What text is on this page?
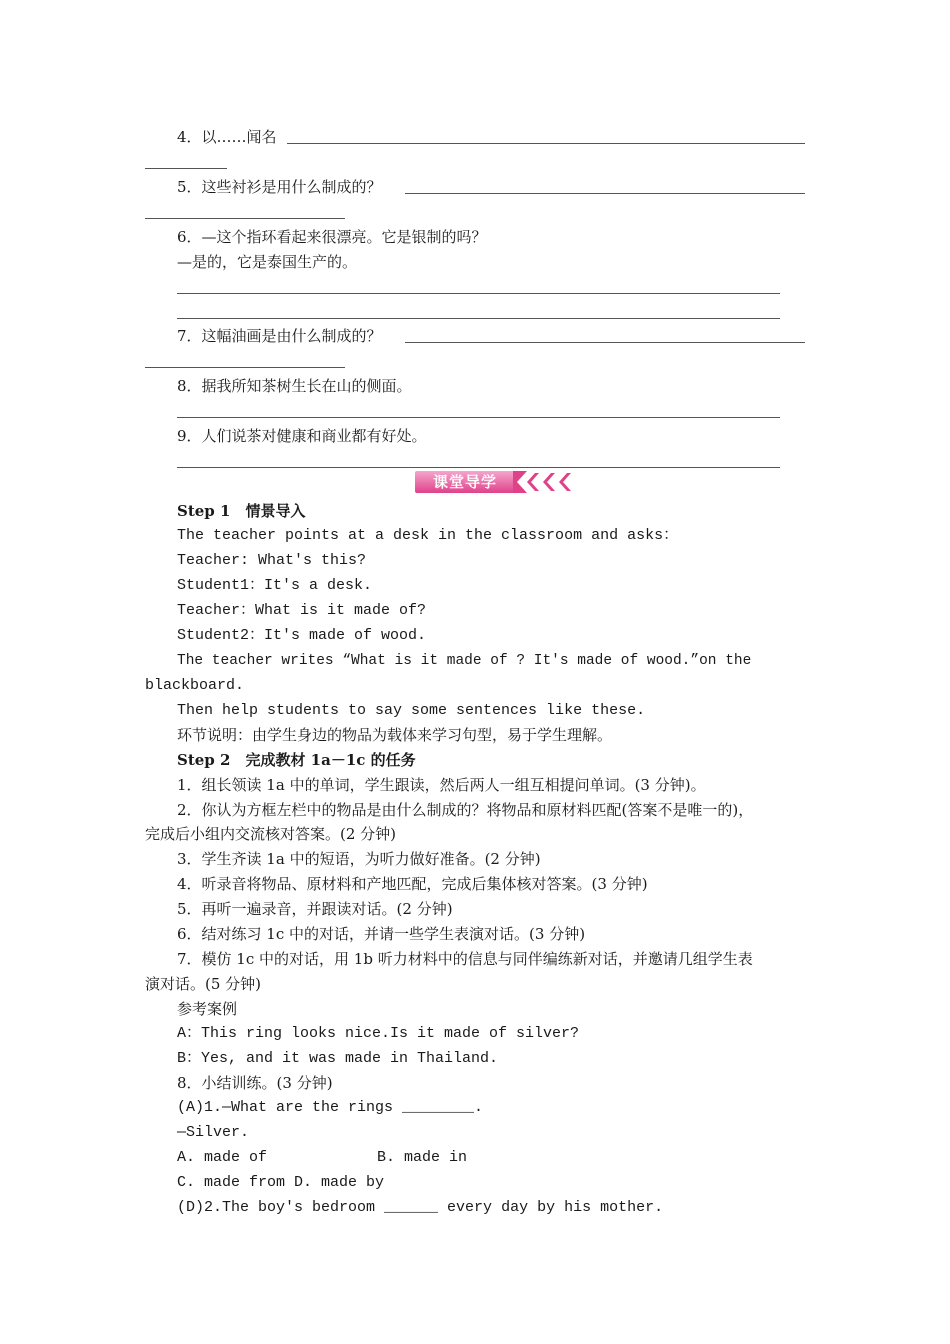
4．以……闻名
5．这些衬衫是用什么制成的？
6．—这个指环看起来很漂亮。它是银制的吗？
—是的，它是泰国生产的。
7．这幅油画是由什么制成的？
8．据我所知茶树生长在山的侧面。
9．人们说茶对健康和商业都有好处。
课堂导学
Step 1　情景导入
The teacher points at a desk in the classroom and asks：
Teacher: What's this?
Student1：It's a desk.
Teacher：What is it made of?
Student2：It's made of wood.
The teacher writes “What is it made of ? It's made of wood.”on the
blackboard.
Then help students to say some sentences like these.
环节说明：由学生身边的物品为载体来学习句型，易于学生理解。
Step 2　完成教材 1a－1c 的任务
1．组长领读 1a 中的单词，学生跟读，然后两人一组互相提问单词。(3 分钟)。
2．你认为方框左栏中的物品是由什么制成的？将物品和原材料匹配(答案不是唯一的)，
完成后小组内交流核对答案。(2 分钟)
3．学生齐读 1a 中的短语，为听力做好准备。(2 分钟)
4．听录音将物品、原材料和产地匹配，完成后集体核对答案。(3 分钟)
5．再听一遍录音，并跟读对话。(2 分钟)
6．结对练习 1c 中的对话，并请一些学生表演对话。(3 分钟)
7．模仿 1c 中的对话，用 1b 听力材料中的信息与同伴编练新对话，并邀请几组学生表
演对话。(5 分钟)
参考案例
A：This ring looks nice.Is it made of silver?
B：Yes, and it was made in Thailand.
8．小结训练。(3 分钟)
(A)1.—What are the rings ________.
—Silver.
A. made of	B. made in
C. made from D. made by
(D)2.The boy's bedroom ______ every day by his mother.
